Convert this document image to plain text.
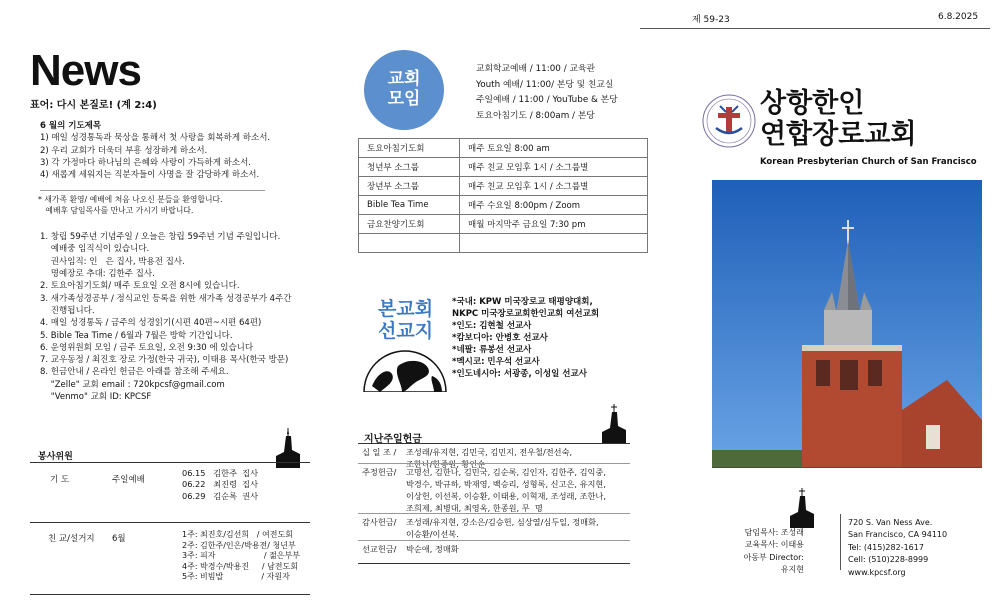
제 59-23	6.8.2025
News
표어: 다시 본질로! (계 2:4)
6 월의 기도제목
1) 매일 성경통독과 묵상을 통해서 첫 사랑을 회복하게 하소서.
2) 우리 교회가 더욱더 부흥 성장하게 하소서.
3) 각 가정마다 하나님의 은혜와 사랑이 가득하게 하소서.
4) 새롭게 세워지는 직분자들이 사명을 잘 감당하게 하소서.
* 새가족 환영/ 예배에 처음 나오신 분들을 환영합니다.
예배후 담임목사를 만나고 가시기 바랍니다.
1. 창립 59주년 기념주일 / 오늘은 창립 59주년 기념 주일입니다.
예배중 임직식이 있습니다.
권사임직: 인   은 집사, 박용전 집사.
명예장로 추대: 김한주 집사.
2. 토요아침기도회/ 매주 토요일 오전 8시에 있습니다.
3. 새가족성경공부 / 정식교인 등록을 위한 새가족 성경공부가 4주간
진행됩니다.
4. 매일 성경통독 / 금주의 성경읽기(시편 40편~시편 64편)
5. Bible Tea Time / 6월과 7월은 방학 기간입니다.
6. 운영위원회 모임 / 금주 토요일, 오전 9:30 에 있습니다
7. 교우동정 / 최진호 장로 가정(한국 귀국), 이태용 목사(한국 방문)
8. 헌금안내 / 온라인 헌금은 아래를 참조해 주세요.
"Zelle" 교회 email : 720kpcsf@gmail.com
"Venmo" 교회 ID: KPCSF
봉사위원
기 도	주일예배
06.15   김한주  집사
06.22   최진령  집사
06.29   김순록  권사
친 교/설거지 6월	1주: 최진호/김선희   / 여전도회
2주: 김한주/인은/박용전/ 청년부
3주: 피자                   / 젊은부부
4주: 박경수/박용진     / 남전도회
5주: 비빔밥               / 자원자
교회
모임
교회학교예배 / 11:00 / 교육관
Youth 예배/ 11:00/ 본당 및 친교실
주일예배 / 11:00 / YouTube & 본당
토요아침기도 / 8:00am / 본당
토요아침기도회	매주 토요일 8:00 am
청년부 소그룹	매주 친교 모임후 1시 / 소그룹별
장년부 소그룹	매주 친교 모임후 1시 / 소그룹별
Bible Tea Time	매주 수요일 8:00pm / Zoom
금요찬양기도회	매월 마지막주 금요일 7:30 pm

본교회
선교지
*국내: KPW 미국장로교 태평양대회,
NKPC 미국장로교회한인교회 여선교회
*인도: 김현철 선교사
*캄보디아: 안병호 선교사
*네팔: 류봉선 선교사
*멕시코: 민우석 선교사
*인도네시아: 서광종, 이성일 선교사
지난주일헌금
십 일 조 / 조성래/유지현, 김민국, 김민지, 전우철/전선숙,
조한나/한종원, 황인순
주정헌금/ 고명선, 김한나, 김민국, 김순록, 김인자, 김한주, 김익중,
박경수, 박규하, 박재영, 백승리, 성형록, 신고은, 유지현,
이상헌, 이선복, 이승환, 이태용, 이혁재, 조성래, 조한나,
조희제, 최병대, 최영옥, 한종원, 무  명
감사헌금/ 조성래/유지현, 강소은/김승헌, 심상열/심두일, 정매화,
이승환/이선복.
선교헌금/ 박순애, 정매화
상항한인
연합장로교회
Korean Presbyterian Church of San Francisco
담임목사: 조성래
교육목사: 이태용
아동부 Director: 유지현
720 S. Van Ness Ave.
San Francisco, CA 94110
Tel: (415)282-1617
Cell: (510)228-8999
www.kpcsf.org
